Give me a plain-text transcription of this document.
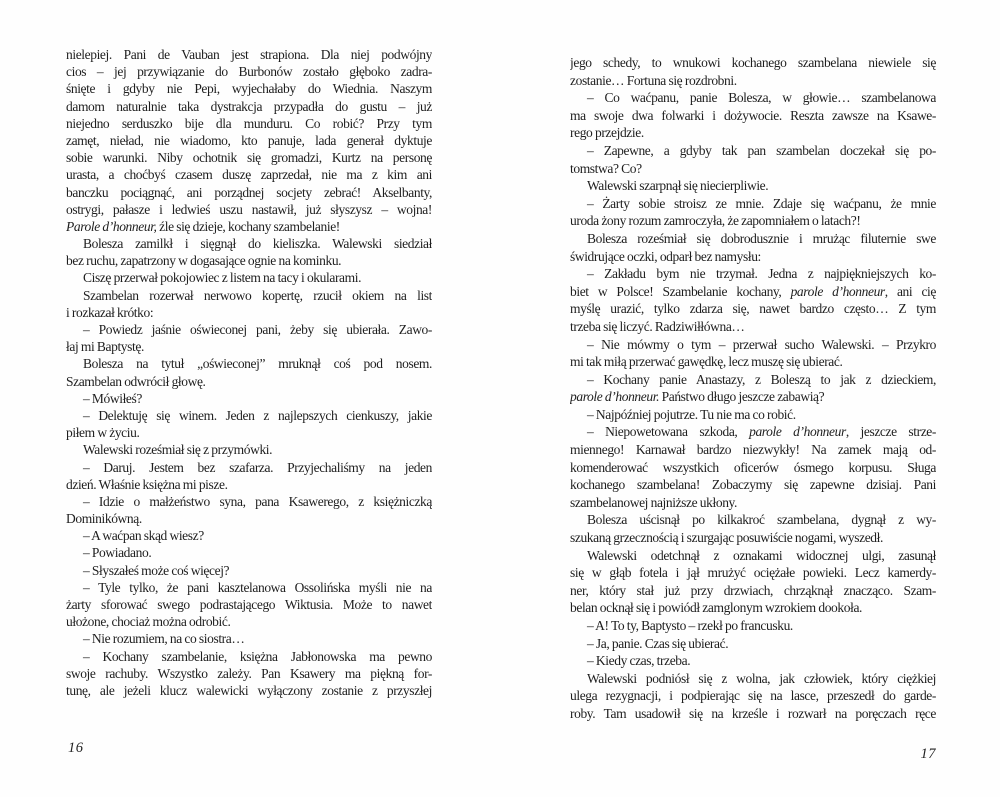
nielepiej. Pani de Vauban jest strapiona. Dla niej podwójny
cios – jej przywiązanie do Burbonów zostało głęboko zadra-
śnięte i gdyby nie Pepi, wyjechałaby do Wiednia. Naszym
damom naturalnie taka dystrakcja przypadła do gustu – już
niejedno serduszko bije dla munduru. Co robić? Przy tym
zamęt, nieład, nie wiadomo, kto panuje, lada generał dyktuje
sobie warunki. Niby ochotnik się gromadzi, Kurtz na personę
urasta, a choćbyś czasem duszę zaprzedał, nie ma z kim ani
banczku pociągnąć, ani porządnej socjety zebrać! Akselbanty,
ostrygi, pałasze i ledwieś uszu nastawił, już słyszysz – wojna!
Parole d’honneur, źle się dzieje, kochany szambelanie!
Bolesza zamilkł i sięgnął do kieliszka. Walewski siedział
bez ruchu, zapatrzony w dogasające ognie na kominku.
Ciszę przerwał pokojowiec z listem na tacy i okularami.
Szambelan rozerwał nerwowo kopertę, rzucił okiem na list
i rozkazał krótko:
– Powiedz jaśnie oświeconej pani, żeby się ubierała. Zawo-
łaj mi Baptystę.
Bolesza na tytuł „oświeconej” mruknął coś pod nosem.
Szambelan odwrócił głowę.
– Mówiłeś?
– Delektuję się winem. Jeden z najlepszych cienkuszy, jakie
piłem w życiu.
Walewski roześmiał się z przymówki.
– Daruj. Jestem bez szafarza. Przyjechaliśmy na jeden
dzień. Właśnie księżna mi pisze.
– Idzie o małżeństwo syna, pana Ksawerego, z księżniczką
Dominikówną.
– A waćpan skąd wiesz?
– Powiadano.
– Słyszałeś może coś więcej?
– Tyle tylko, że pani kasztelanowa Ossolińska myśli nie na
żarty sforować swego podrastającego Wiktusia. Może to nawet
ułożone, chociaż można odrobić.
– Nie rozumiem, na co siostra…
– Kochany szambelanie, księżna Jabłonowska ma pewno
swoje rachuby. Wszystko zależy. Pan Ksawery ma piękną for-
tunę, ale jeżeli klucz walewicki wyłączony zostanie z przyszłej
16
jego schedy, to wnukowi kochanego szambelana niewiele się
zostanie… Fortuna się rozdrobni.
– Co waćpanu, panie Bolesza, w głowie… szambelanowa
ma swoje dwa folwarki i dożywocie. Reszta zawsze na Ksawe-
rego przejdzie.
– Zapewne, a gdyby tak pan szambelan doczekał się po-
tomstwa? Co?
Walewski szarpnął się niecierpliwie.
– Żarty sobie stroisz ze mnie. Zdaje się waćpanu, że mnie
uroda żony rozum zamroczyła, że zapomniałem o latach?!
Bolesza roześmiał się dobrodusznie i mrużąc filuternie swe
świdrujące oczki, odparł bez namysłu:
– Zakładu bym nie trzymał. Jedna z najpiękniejszych ko-
biet w Polsce! Szambelanie kochany, parole d’honneur, ani cię
myślę urazić, tylko zdarza się, nawet bardzo często… Z tym
trzeba się liczyć. Radziwiłłówna…
– Nie mówmy o tym – przerwał sucho Walewski. – Przykro
mi tak miłą przerwać gawędkę, lecz muszę się ubierać.
– Kochany panie Anastazy, z Boleszą to jak z dzieckiem,
parole d’honneur. Państwo długo jeszcze zabawią?
– Najpóźniej pojutrze. Tu nie ma co robić.
– Niepowetowana szkoda, parole d’honneur, jeszcze strze-
miennego! Karnawał bardzo niezwykły! Na zamek mają od-
komenderować wszystkich oficerów ósmego korpusu. Sługa
kochanego szambelana! Zobaczymy się zapewne dzisiaj. Pani
szambelanowej najniższe ukłony.
Bolesza uścisnął po kilkakroć szambelana, dygnął z wy-
szukaną grzecznością i szurgając posuwiście nogami, wyszedł.
Walewski odetchnął z oznakami widocznej ulgi, zasunął
się w głąb fotela i jął mrużyć ociężałe powieki. Lecz kamerdy-
ner, który stał już przy drzwiach, chrząknął znacząco. Szam-
belan ocknął się i powiódł zamglonym wzrokiem dookoła.
– A! To ty, Baptysto – rzekł po francusku.
– Ja, panie. Czas się ubierać.
– Kiedy czas, trzeba.
Walewski podniósł się z wolna, jak człowiek, który ciężkiej
ulega rezygnacji, i podpierając się na lasce, przeszedł do garde-
roby. Tam usadowił się na krześle i rozwarł na poręczach ręce
17
